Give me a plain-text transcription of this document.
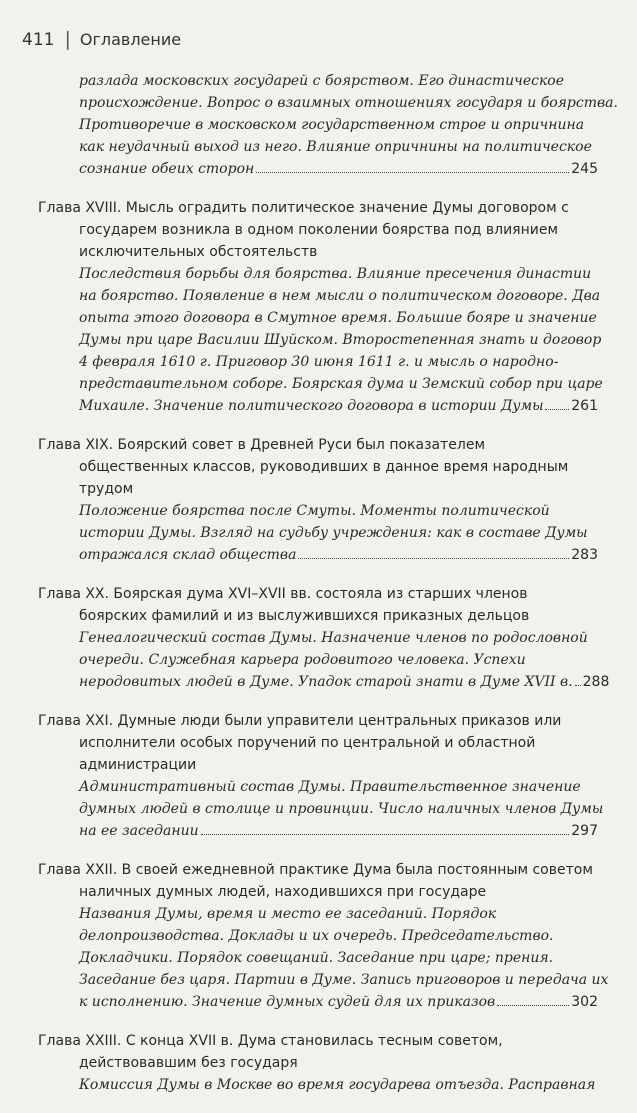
411 | Оглавление
разлада московских государей с боярством. Его династическое
происхождение. Вопрос о взаимных отношениях государя и боярства.
Противоречие в московском государственном строе и опричнина
как неудачный выход из него. Влияние опричнины на политическое
сознание обеих сторон	245

Глава XVIII. Мысль оградить политическое значение Думы договором с государем возникла в одном поколении боярства под влиянием исключительных обстоятельств

Последствия борьбы для боярства. Влияние пресечения династии
на боярство. Появление в нем мысли о политическом договоре. Два
опыта этого договора в Смутное время. Большие бояре и значение
Думы при царе Василии Шуйском. Второстепенная знать и договор
4 февраля 1610 г. Приговор 30 июня 1611 г. и мысль о народно-
представительном соборе. Боярская дума и Земский собор при царе
Михаиле. Значение политического договора в истории Думы 261

Глава XIX. Боярский совет в Древней Руси был показателем общественных классов, руководивших в данное время народным трудом

Положение боярства после Смуты. Моменты политической
истории Думы. Взгляд на судьбу учреждения: как в составе Думы
отражался склад общества	283

Глава XX. Боярская дума XVI–XVII вв. состояла из старших членов боярских фамилий и из выслужившихся приказных дельцов

Генеалогический состав Думы. Назначение членов по родословной
очереди. Служебная карьера родовитого человека. Успехи
неродовитых людей в Думе. Упадок старой знати в Думе XVII в. 288

Глава XXI. Думные люди были управители центральных приказов или исполнители особых поручений по центральной и областной администрации

Административный состав Думы. Правительственное значение
думных людей в столице и провинции. Число наличных членов Думы
на ее заседании	297

Глава XXII. В своей ежедневной практике Дума была постоянным советом наличных думных людей, находившихся при государе

Названия Думы, время и место ее заседаний. Порядок
делопроизводства. Доклады и их очередь. Председательство.
Докладчики. Порядок совещаний. Заседание при царе; прения.
Заседание без царя. Партии в Думе. Запись приговоров и передача их
к исполнению. Значение думных судей для их приказов	302

Глава XXIII. С конца XVII в. Дума становилась тесным советом, действовавшим без государя

Комиссия Думы в Москве во время государева отъезда. Расправная
